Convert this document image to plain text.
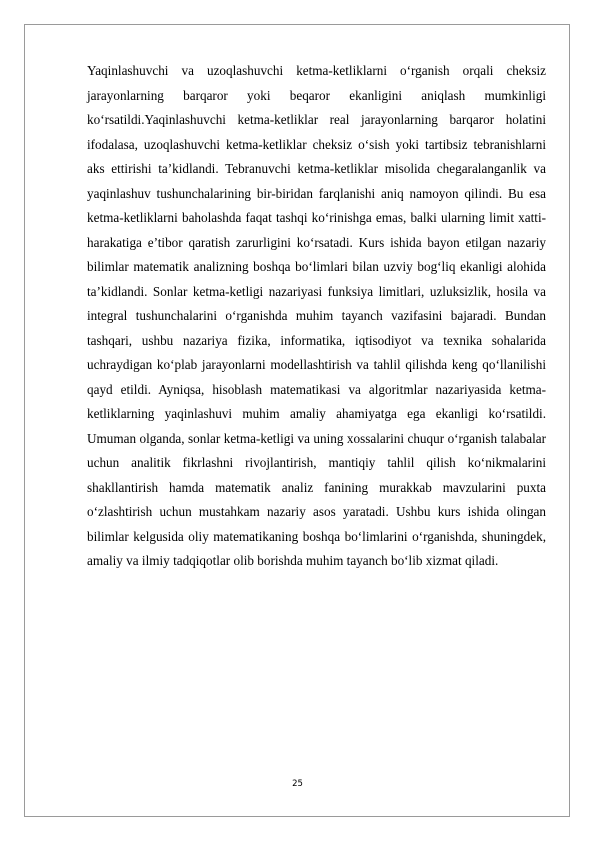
Yaqinlashuvchi va uzoqlashuvchi ketma-ketliklarni o‘rganish orqali cheksiz jarayonlarning barqaror yoki beqaror ekanligini aniqlash mumkinligi ko‘rsatildi.Yaqinlashuvchi ketma-ketliklar real jarayonlarning barqaror holatini ifodalasa, uzoqlashuvchi ketma-ketliklar cheksiz o‘sish yoki tartibsiz tebranishlarni aks ettirishi ta’kidlandi. Tebranuvchi ketma-ketliklar misolida chegaralanganlik va yaqinlashuv tushunchalarining bir-biridan farqlanishi aniq namoyon qilindi. Bu esa ketma-ketliklarni baholashda faqat tashqi ko‘rinishga emas, balki ularning limit xatti-harakatiga e’tibor qaratish zarurligini ko‘rsatadi. Kurs ishida bayon etilgan nazariy bilimlar matematik analizning boshqa bo‘limlari bilan uzviy bog‘liq ekanligi alohida ta’kidlandi. Sonlar ketma-ketligi nazariyasi funksiya limitlari, uzluksizlik, hosila va integral tushunchalarini o‘rganishda muhim tayanch vazifasini bajaradi. Bundan tashqari, ushbu nazariya fizika, informatika, iqtisodiyot va texnika sohalarida uchraydigan ko‘plab jarayonlarni modellashtirish va tahlil qilishda keng qo‘llanilishi qayd etildi. Ayniqsa, hisoblash matematikasi va algoritmlar nazariyasida ketma-ketliklarning yaqinlashuvi muhim amaliy ahamiyatga ega ekanligi ko‘rsatildi. Umuman olganda, sonlar ketma-ketligi va uning xossalarini chuqur o‘rganish talabalar uchun analitik fikrlashni rivojlantirish, mantiqiy tahlil qilish ko‘nikmalarini shakllantirish hamda matematik analiz fanining murakkab mavzularini puxta o‘zlashtirish uchun mustahkam nazariy asos yaratadi. Ushbu kurs ishida olingan bilimlar kelgusida oliy matematikaning boshqa bo‘limlarini o‘rganishda, shuningdek, amaliy va ilmiy tadqiqotlar olib borishda muhim tayanch bo‘lib xizmat qiladi.

25
